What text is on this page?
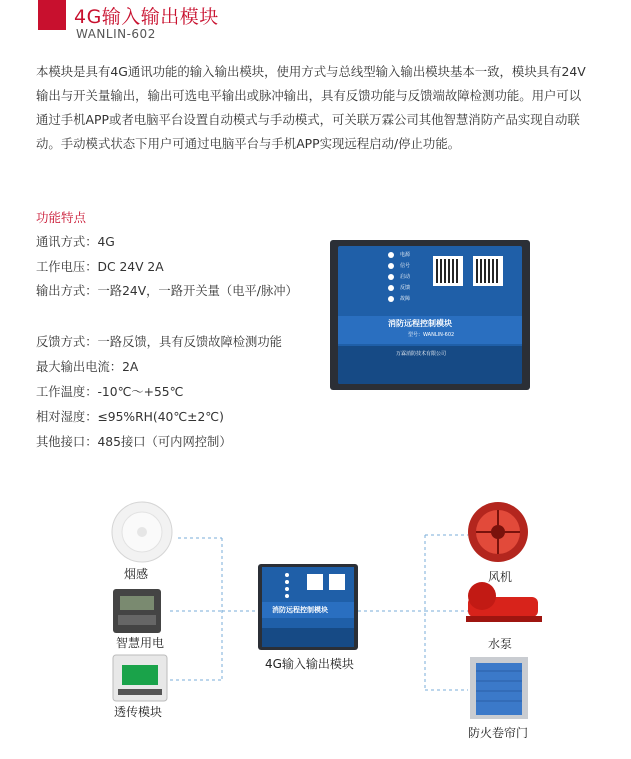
4G输入输出模块
WANLIN-602
本模块是具有4G通讯功能的输入输出模块，使用方式与总线型输入输出模块基本一致，模块具有24V
输出与开关量输出，输出可选电平输出或脉冲输出，具有反馈功能与反馈端故障检测功能。用户可以
通过手机APP或者电脑平台设置自动模式与手动模式，可关联万霖公司其他智慧消防产品实现自动联
动。手动模式状态下用户可通过电脑平台与手机APP实现远程启动/停止功能。
功能特点
通讯方式：4G
工作电压：DC 24V 2A
输出方式：一路24V，一路开关量（电平/脉冲）
反馈方式：一路反馈，具有反馈故障检测功能
最大输出电流：2A
工作温度：-10℃～+55℃
相对湿度：≤95%RH(40℃±2℃)
其他接口：485接口（可内网控制）
电源
信号
启动
反馈
故障
消防远程控制模块
型号：WANLIN-602
万霖消防技术有限公司
烟感
智慧用电
透传模块
4G输入输出模块
风机
水泵
防火卷帘门
消防远程控制模块
